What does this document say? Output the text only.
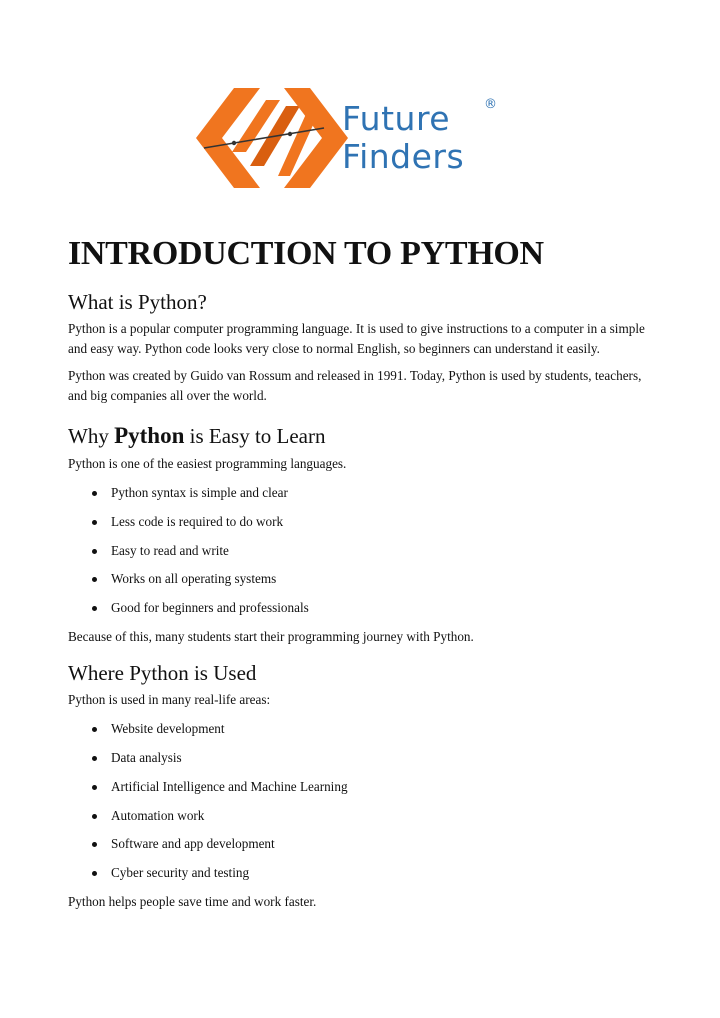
Future	®
Finders
INTRODUCTION TO PYTHON
What is Python?

Python is a popular computer programming language. It is used to give instructions to a computer in a simple and easy way. Python code looks very close to normal English, so beginners can understand it easily.

Python was created by Guido van Rossum and released in 1991. Today, Python is used by students, teachers, and big companies all over the world.

Why Python is Easy to Learn

Python is one of the easiest programming languages.

Python syntax is simple and clear
Less code is required to do work
Easy to read and write
Works on all operating systems
Good for beginners and professionals

Because of this, many students start their programming journey with Python.

Where Python is Used

Python is used in many real-life areas:

Website development
Data analysis
Artificial Intelligence and Machine Learning
Automation work
Software and app development
Cyber security and testing

Python helps people save time and work faster.
